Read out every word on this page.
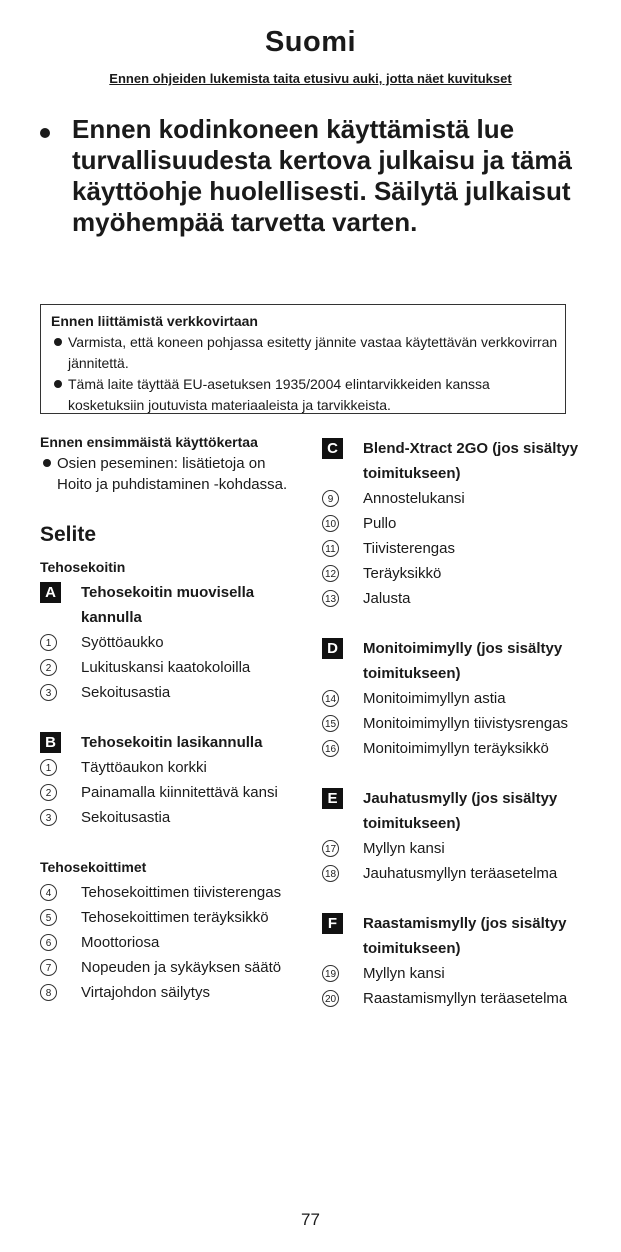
Suomi
Ennen ohjeiden lukemista taita etusivu auki, jotta näet kuvitukset
Ennen kodinkoneen käyttämistä lue turvallisuudesta kertova julkaisu ja tämä käyttöohje huolellisesti. Säilytä julkaisut myöhempää tarvetta varten.
Ennen liittämistä verkkovirtaan
Varmista, että koneen pohjassa esitetty jännite vastaa käytettävän verkkovirran jännitettä.
Tämä laite täyttää EU-asetuksen 1935/2004 elintarvikkeiden kanssa kosketuksiin joutuvista materiaaleista ja tarvikkeista.
Ennen ensimmäistä käyttökertaa
Osien peseminen: lisätietoja on Hoito ja puhdistaminen -kohdassa.
Selite
Tehosekoitin
A	Tehosekoitin muovisella kannulla
1	Syöttöaukko
2	Lukituskansi kaatokoloilla
3	Sekoitusastia
B	Tehosekoitin lasikannulla
1	Täyttöaukon korkki
2	Painamalla kiinnitettävä kansi
3	Sekoitusastia
Tehosekoittimet
4	Tehosekoittimen tiivisterengas
5	Tehosekoittimen teräyksikkö
6	Moottoriosa
7	Nopeuden ja sykäyksen säätö
8	Virtajohdon säilytys
C	Blend-Xtract 2GO (jos sisältyy toimitukseen)
9	Annostelukansi
10 Pullo
11 Tiivisterengas
12 Teräyksikkö
13 Jalusta
D	Monitoimimylly (jos sisältyy toimitukseen)
14 Monitoimimyllyn astia
15 Monitoimimyllyn tiivistysrengas
16 Monitoimimyllyn teräyksikkö
E	Jauhatusmylly (jos sisältyy toimitukseen)
17 Myllyn kansi
18 Jauhatusmyllyn teräasetelma
F	Raastamismylly (jos sisältyy toimitukseen)
19 Myllyn kansi
20 Raastamismyllyn teräasetelma
77
